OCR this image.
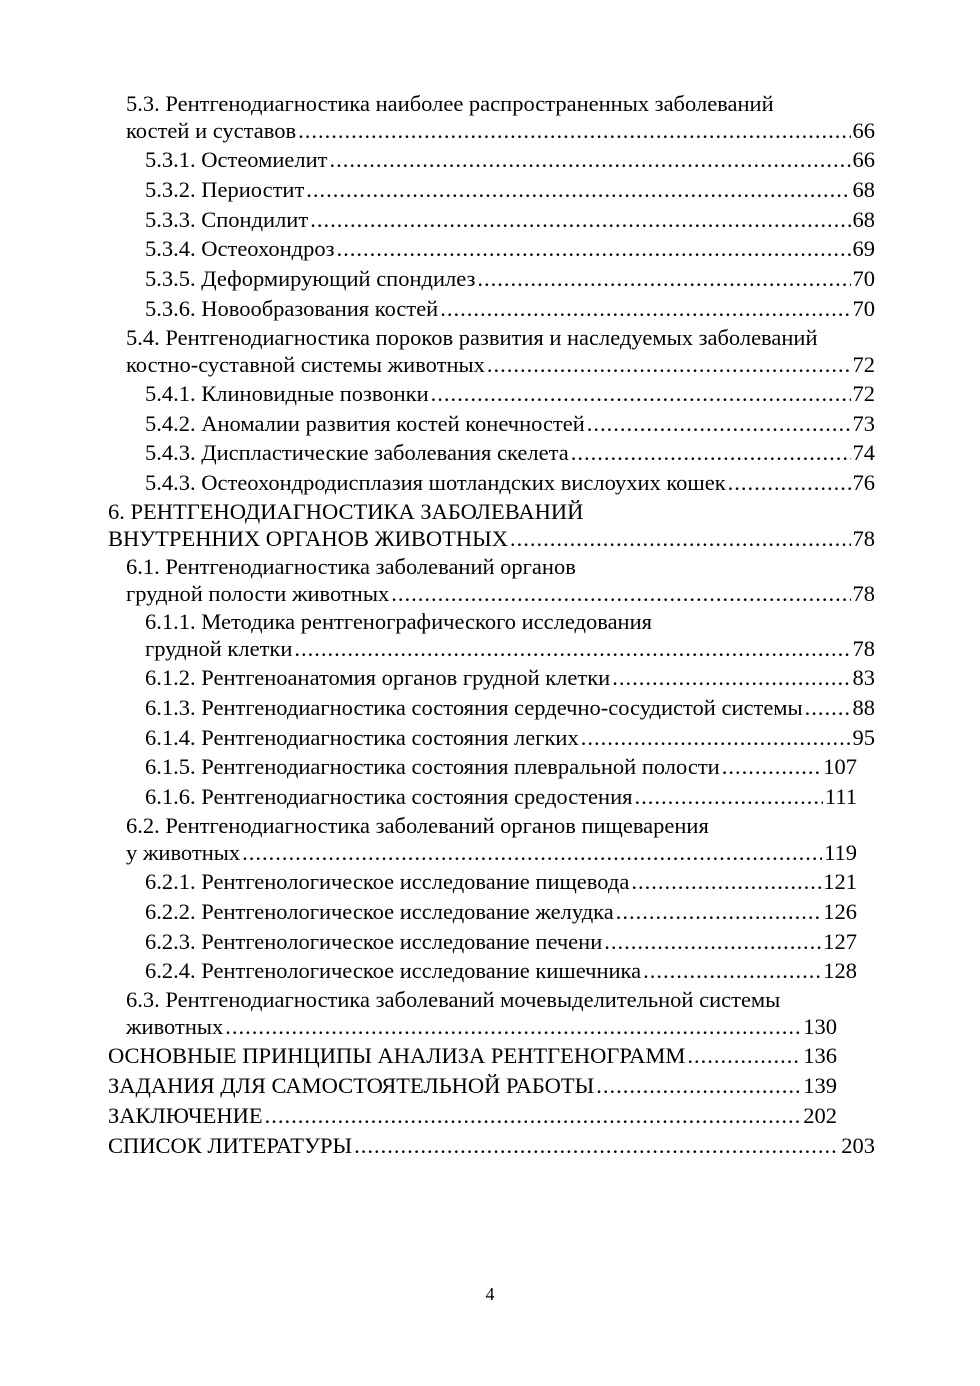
5.3. Рентгенодиагностика наиболее распространенных заболеваний
костей и суставов .....	66
5.3.1. Остеомиелит .....	66
5.3.2. Периостит .....	68
5.3.3. Спондилит .....	68
5.3.4. Остеохондроз .....	69
5.3.5. Деформирующий спондилез .....	70
5.3.6. Новообразования костей .....	70
5.4. Рентгенодиагностика пороков развития и наследуемых заболеваний
костно-суставной системы животных .....	72
5.4.1. Клиновидные позвонки .....	72
5.4.2. Аномалии развития костей конечностей .....	73
5.4.3. Диспластические заболевания скелета .....	74
5.4.3. Остеохондродисплазия шотландских вислоухих кошек .....	76
6. РЕНТГЕНОДИАГНОСТИКА ЗАБОЛЕВАНИЙ
ВНУТРЕННИХ ОРГАНОВ ЖИВОТНЫХ .....	78
6.1. Рентгенодиагностика заболеваний органов
грудной полости животных .....	78
6.1.1. Методика рентгенографического исследования
грудной клетки .....	78
6.1.2. Рентгеноанатомия органов грудной клетки .....	83
6.1.3. Рентгенодиагностика состояния сердечно-сосудистой системы ..... 88
6.1.4. Рентгенодиагностика состояния легких .....	95
6.1.5. Рентгенодиагностика состояния плевральной полости .....	107
6.1.6. Рентгенодиагностика состояния средостения .....	111
6.2. Рентгенодиагностика заболеваний органов пищеварения
у животных .....	119
6.2.1. Рентгенологическое исследование пищевода .....	121
6.2.2. Рентгенологическое исследование желудка .....	126
6.2.3. Рентгенологическое исследование печени .....	127
6.2.4. Рентгенологическое исследование кишечника .....	128
6.3. Рентгенодиагностика заболеваний мочевыделительной системы
животных .....	130
ОСНОВНЫЕ ПРИНЦИПЫ АНАЛИЗА РЕНТГЕНОГРАММ .....	136
ЗАДАНИЯ ДЛЯ САМОСТОЯТЕЛЬНОЙ РАБОТЫ .....	139
ЗАКЛЮЧЕНИЕ .....	202
СПИСОК ЛИТЕРАТУРЫ .....	203
4
